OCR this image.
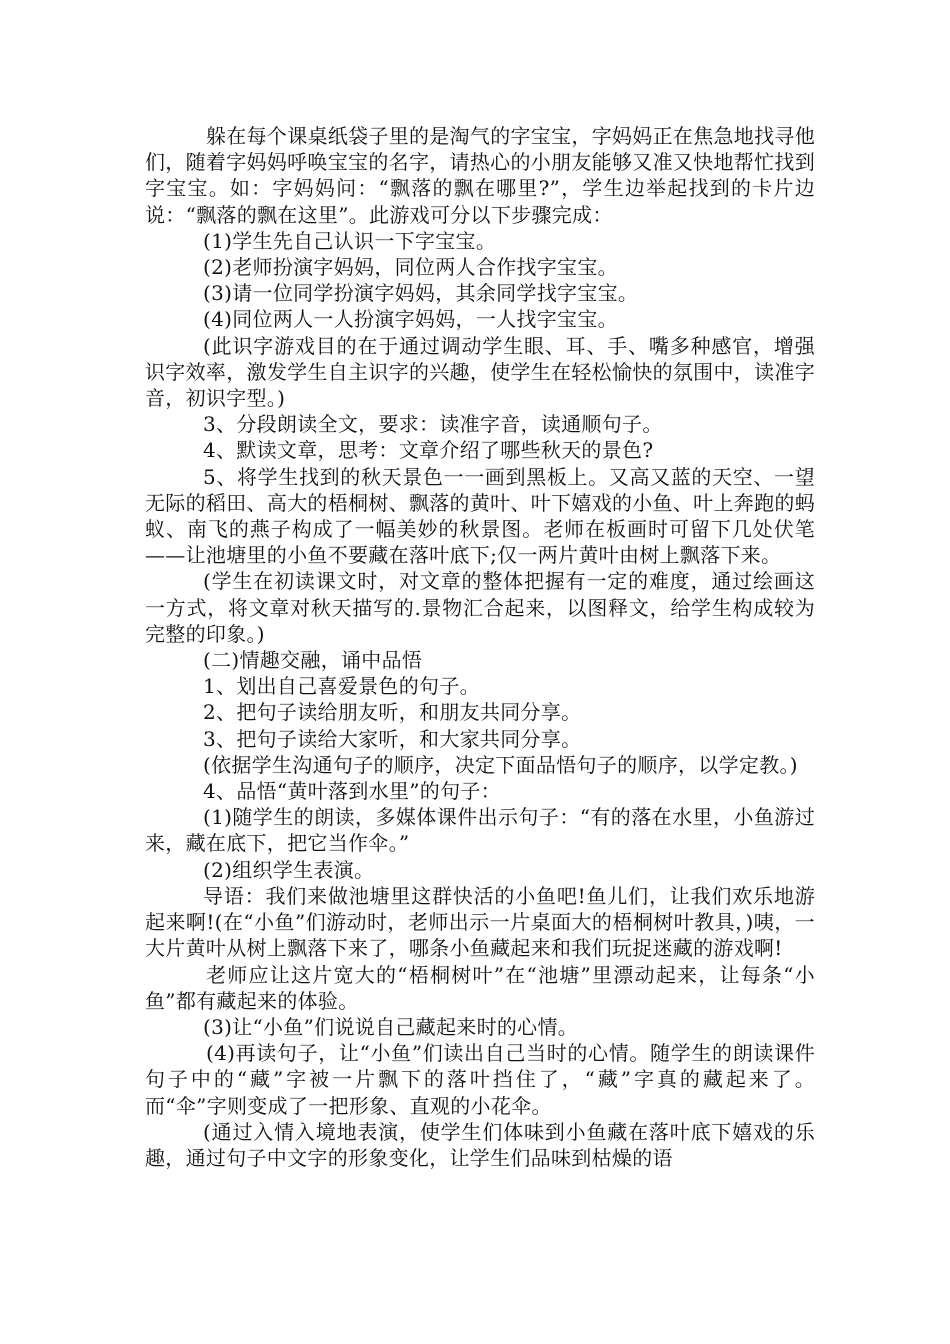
躲在每个课桌纸袋子里的是淘气的字宝宝，字妈妈正在焦急地找寻他们，随着字妈妈呼唤宝宝的名字，请热心的小朋友能够又准又快地帮忙找到字宝宝。如：字妈妈问：“飘落的飘在哪里?”，学生边举起找到的卡片边说：“飘落的飘在这里”。此游戏可分以下步骤完成：

(1)学生先自己认识一下字宝宝。

(2)老师扮演字妈妈，同位两人合作找字宝宝。

(3)请一位同学扮演字妈妈，其余同学找字宝宝。

(4)同位两人一人扮演字妈妈，一人找字宝宝。

(此识字游戏目的在于通过调动学生眼、耳、手、嘴多种感官，增强识字效率，激发学生自主识字的兴趣，使学生在轻松愉快的氛围中，读准字音，初识字型。)

3、分段朗读全文，要求：读准字音，读通顺句子。

4、默读文章，思考：文章介绍了哪些秋天的景色?

5、将学生找到的秋天景色一一画到黑板上。又高又蓝的天空、一望无际的稻田、高大的梧桐树、飘落的黄叶、叶下嬉戏的小鱼、叶上奔跑的蚂蚁、南飞的燕子构成了一幅美妙的秋景图。老师在板画时可留下几处伏笔——让池塘里的小鱼不要藏在落叶底下;仅一两片黄叶由树上飘落下来。

(学生在初读课文时，对文章的整体把握有一定的难度，通过绘画这一方式，将文章对秋天描写的.景物汇合起来，以图释文，给学生构成较为完整的印象。)

(二)情趣交融，诵中品悟

1、划出自己喜爱景色的句子。

2、把句子读给朋友听，和朋友共同分享。

3、把句子读给大家听，和大家共同分享。

(依据学生沟通句子的顺序，决定下面品悟句子的顺序，以学定教。)

4、品悟“黄叶落到水里”的句子：

(1)随学生的朗读，多媒体课件出示句子：“有的落在水里，小鱼游过来，藏在底下，把它当作伞。”

(2)组织学生表演。

导语：我们来做池塘里这群快活的小鱼吧!鱼儿们，让我们欢乐地游起来啊!(在“小鱼”们游动时，老师出示一片桌面大的梧桐树叶教具，)咦，一大片黄叶从树上飘落下来了，哪条小鱼藏起来和我们玩捉迷藏的游戏啊!

老师应让这片宽大的“梧桐树叶”在“池塘”里漂动起来，让每条“小鱼”都有藏起来的体验。

(3)让“小鱼”们说说自己藏起来时的心情。

(4)再读句子，让“小鱼”们读出自己当时的心情。随学生的朗读课件句子中的“藏”字被一片飘下的落叶挡住了，“藏”字真的藏起来了。而“伞”字则变成了一把形象、直观的小花伞。

(通过入情入境地表演，使学生们体味到小鱼藏在落叶底下嬉戏的乐趣，通过句子中文字的形象变化，让学生们品味到枯燥的语
